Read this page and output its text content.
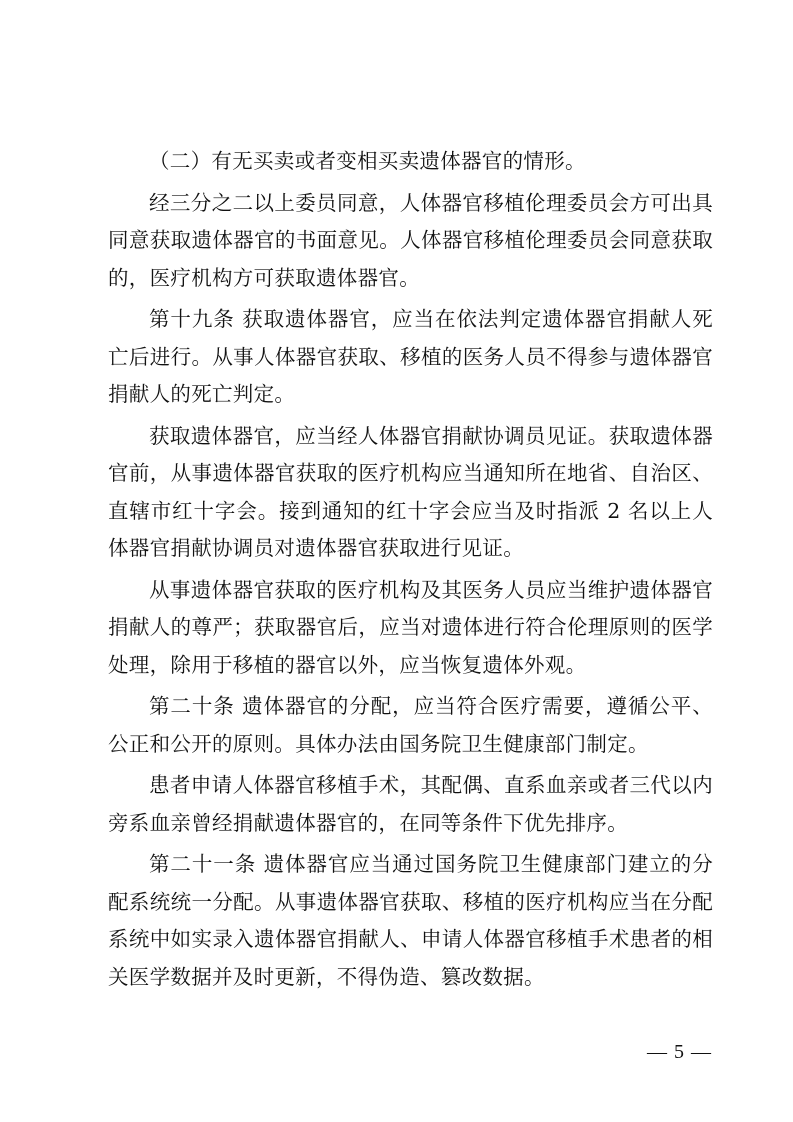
（二）有无买卖或者变相买卖遗体器官的情形。

经三分之二以上委员同意，人体器官移植伦理委员会方可出具同意获取遗体器官的书面意见。人体器官移植伦理委员会同意获取的，医疗机构方可获取遗体器官。

第十九条 获取遗体器官，应当在依法判定遗体器官捐献人死亡后进行。从事人体器官获取、移植的医务人员不得参与遗体器官捐献人的死亡判定。

获取遗体器官，应当经人体器官捐献协调员见证。获取遗体器官前，从事遗体器官获取的医疗机构应当通知所在地省、自治区、直辖市红十字会。接到通知的红十字会应当及时指派 2 名以上人体器官捐献协调员对遗体器官获取进行见证。

从事遗体器官获取的医疗机构及其医务人员应当维护遗体器官捐献人的尊严；获取器官后，应当对遗体进行符合伦理原则的医学处理，除用于移植的器官以外，应当恢复遗体外观。

第二十条 遗体器官的分配，应当符合医疗需要，遵循公平、公正和公开的原则。具体办法由国务院卫生健康部门制定。

患者申请人体器官移植手术，其配偶、直系血亲或者三代以内旁系血亲曾经捐献遗体器官的，在同等条件下优先排序。

第二十一条 遗体器官应当通过国务院卫生健康部门建立的分配系统统一分配。从事遗体器官获取、移植的医疗机构应当在分配系统中如实录入遗体器官捐献人、申请人体器官移植手术患者的相关医学数据并及时更新，不得伪造、篡改数据。

— 5 —
